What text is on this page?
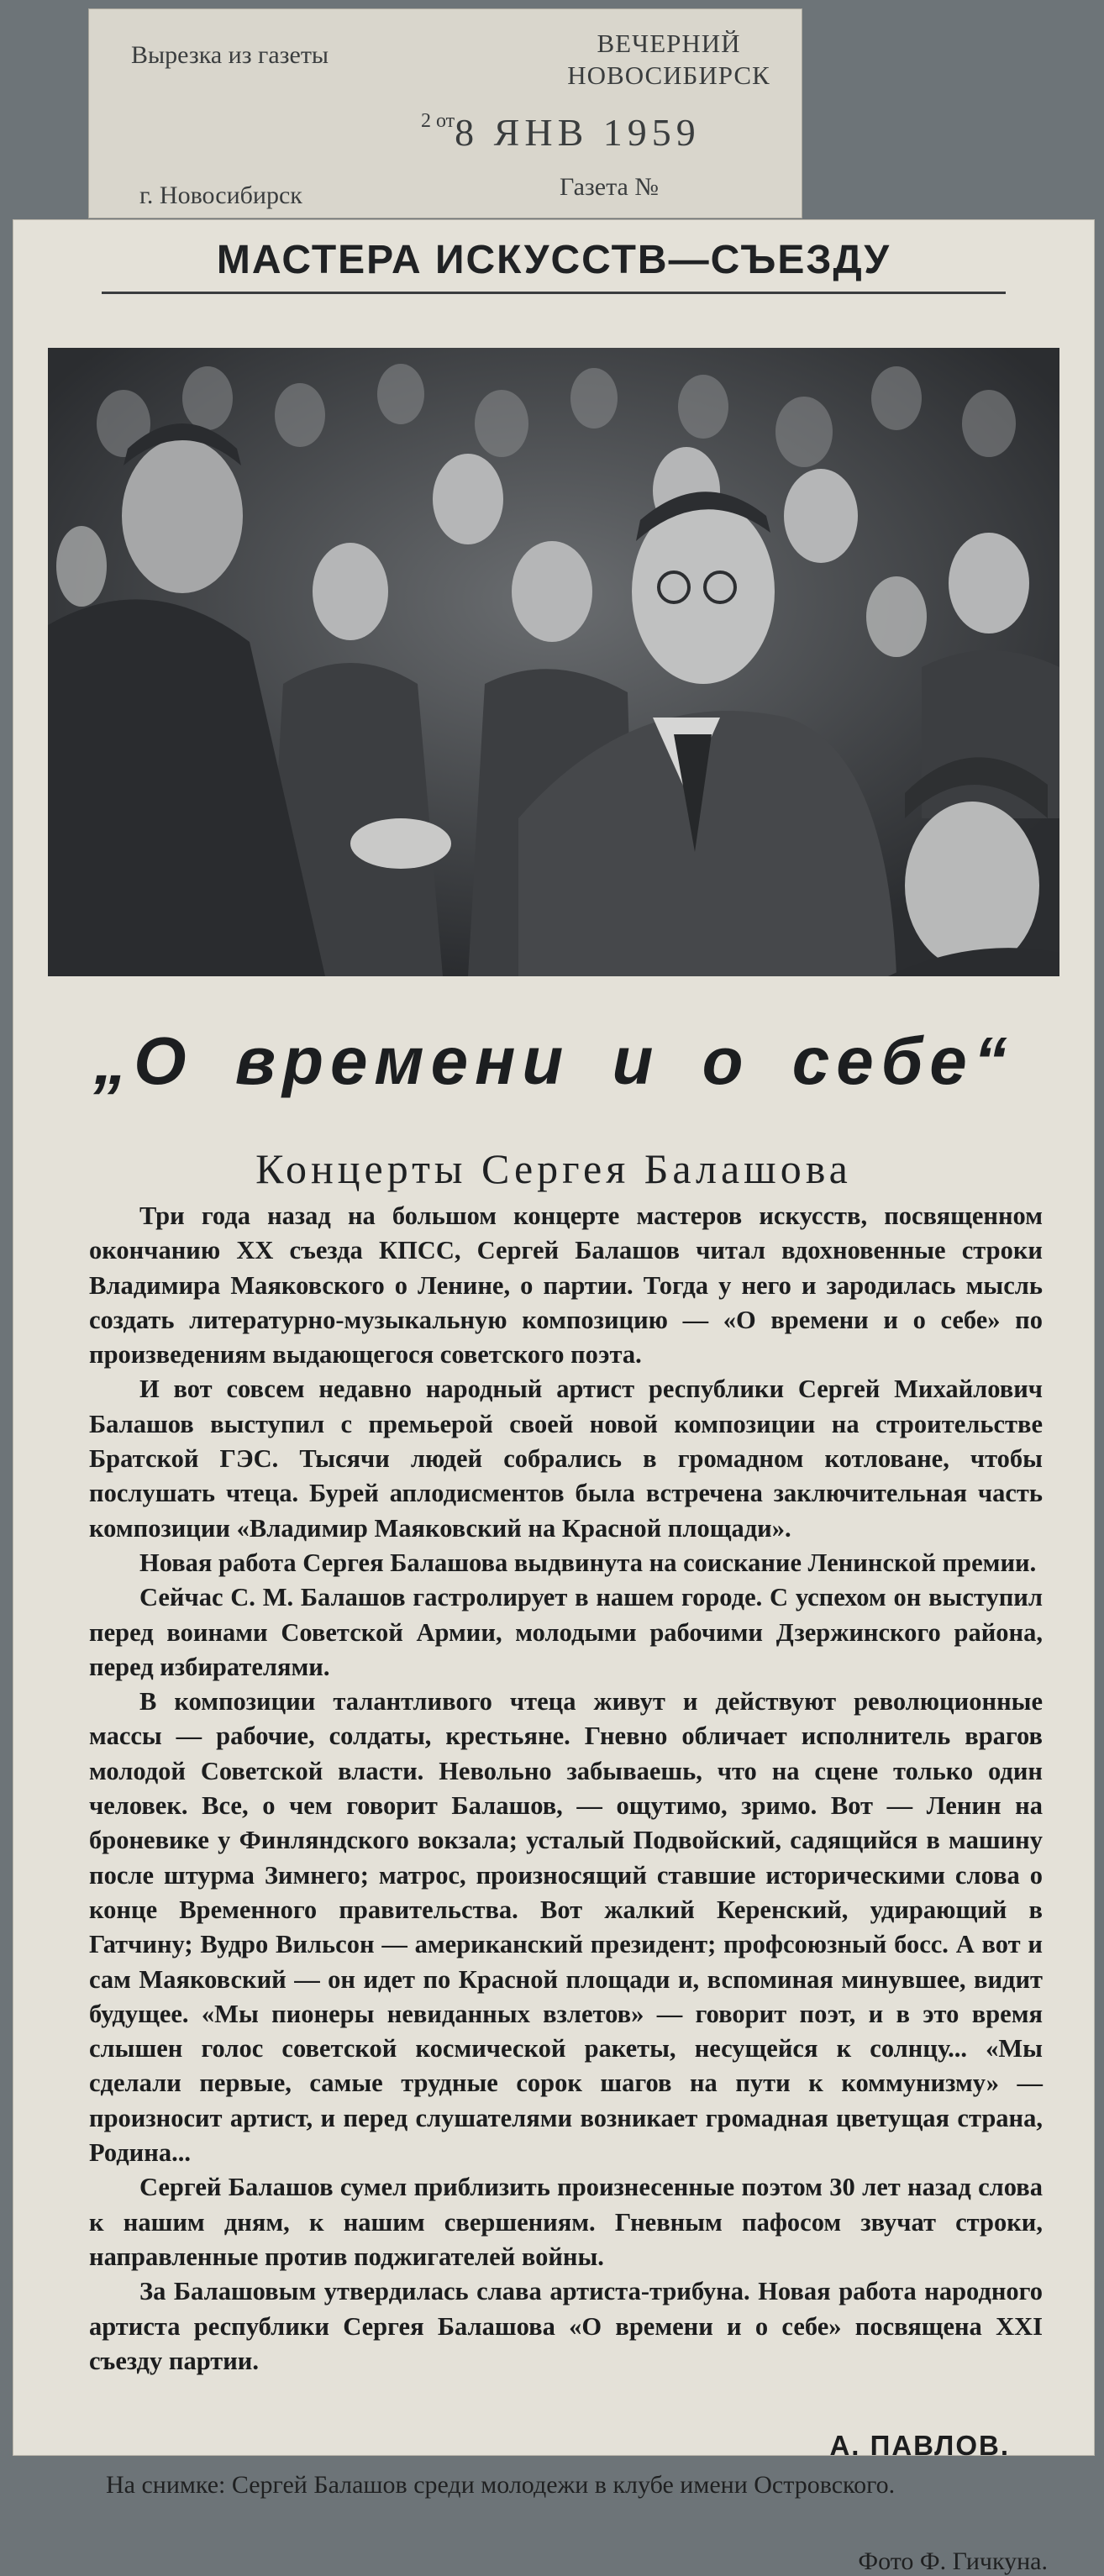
Вырезка из газеты	ВЕЧЕРНИЙ НОВОСИБИРСК
$^{2 от}$8 ЯНВ 1959
г. Новосибирск	Газета №
МАСТЕРА ИСКУССТВ—СЪЕЗДУ
„О времени и о себе“
Концерты Сергея Балашова

Три года назад на большом концерте мастеров искусств, посвященном окончанию XX съезда КПСС, Сергей Балашов читал вдохновенные строки Владимира Маяковского о Ленине, о партии. Тогда у него и зародилась мысль создать литературно-музыкальную композицию — «О времени и о себе» по произведениям выдающегося советского поэта.

И вот совсем недавно народный артист республики Сергей Михайлович Балашов выступил с премьерой своей новой композиции на строительстве Братской ГЭС. Тысячи людей собрались в громадном котловане, чтобы послушать чтеца. Бурей аплодисментов была встречена заключительная часть композиции «Владимир Маяковский на Красной площади».

Новая работа Сергея Балашова выдвинута на соискание Ленинской премии.

Сейчас С. М. Балашов гастролирует в нашем городе. С успехом он выступил перед воинами Советской Армии, молодыми рабочими Дзержинского района, перед избирателями.

В композиции талантливого чтеца живут и действуют революционные массы — рабочие, солдаты, крестьяне. Гневно обличает исполнитель врагов молодой Советской власти. Невольно забываешь, что на сцене только один человек. Все, о чем говорит Балашов, — ощутимо, зримо. Вот — Ленин на броневике у Финляндского вокзала; усталый Подвойский, садящийся в машину после штурма Зимнего; матрос, произносящий ставшие историческими слова о конце Временного правительства. Вот жалкий Керенский, удирающий в Гатчину; Вудро Вильсон — американский президент; профсоюзный босс. А вот и сам Маяковский — он идет по Красной площади и, вспоминая минувшее, видит будущее. «Мы пионеры невиданных взлетов» — говорит поэт, и в это время слышен голос советской космической ракеты, несущейся к солнцу... «Мы сделали первые, самые трудные сорок шагов на пути к коммунизму» — произносит артист, и перед слушателями возникает громадная цветущая страна, Родина...

Сергей Балашов сумел приблизить произнесенные поэтом 30 лет назад слова к нашим дням, к нашим свершениям. Гневным пафосом звучат строки, направленные против поджигателей войны.

За Балашовым утвердилась слава артиста-трибуна. Новая работа народного артиста республики Сергея Балашова «О времени и о себе» посвящена XXI съезду партии.

А. ПАВЛОВ.
На снимке: Сергей Балашов среди молодежи в клубе имени Островского.
Фото Ф. Гичкуна.
